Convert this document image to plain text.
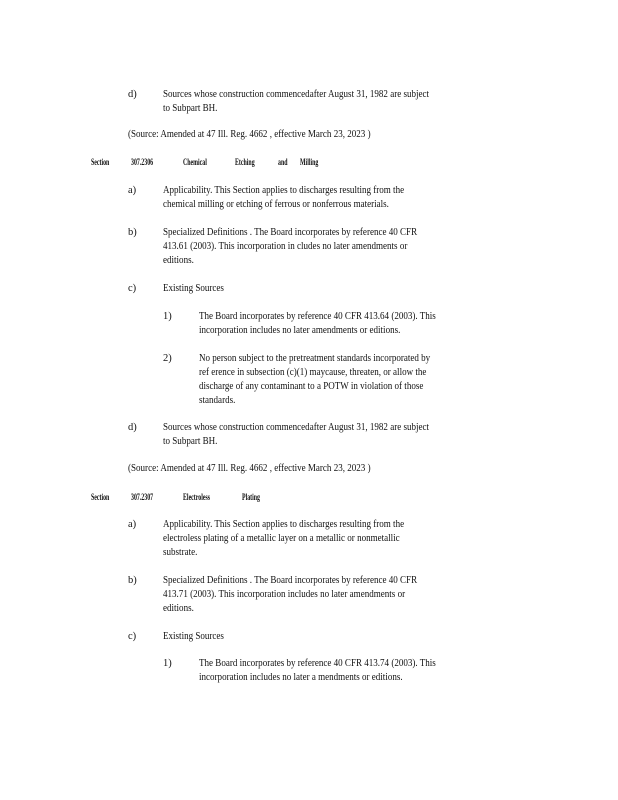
d)	Sources whose construction commencedafter August 31, 1982 are subject
to Subpart BH.
(Source: Amended at 47 Ill. Reg. 4662 , effective March 23, 2023 )
Section 307.2306	Chemical	Etching and Milling
a)	Applicability. This Section applies to discharges resulting from the
chemical milling or etching of ferrous or nonferrous materials.
b)	Specialized Definitions . The Board incorporates by reference 40 CFR
413.61 (2003). This incorporation in cludes no later amendments or
editions.
c)	Existing Sources
1)	The Board incorporates by reference 40 CFR 413.64 (2003). This
incorporation includes no later amendments or editions.
2)	No person subject to the pretreatment standards incorporated by
ref erence in subsection (c)(1) maycause, threaten, or allow the
discharge of any contaminant to a POTW in violation of those
standards.
d)	Sources whose construction commencedafter August 31, 1982 are subject
to Subpart BH.
(Source: Amended at 47 Ill. Reg. 4662 , effective March 23, 2023 )
Section 307.2307	Electroless	Plating
a)	Applicability. This Section applies to discharges resulting from the
electroless plating of a metallic layer on a metallic or nonmetallic
substrate.
b)	Specialized Definitions . The Board incorporates by reference 40 CFR
413.71 (2003). This incorporation includes no later amendments or
editions.
c)	Existing Sources
1)	The Board incorporates by reference 40 CFR 413.74 (2003). This
incorporation includes no later a mendments or editions.
